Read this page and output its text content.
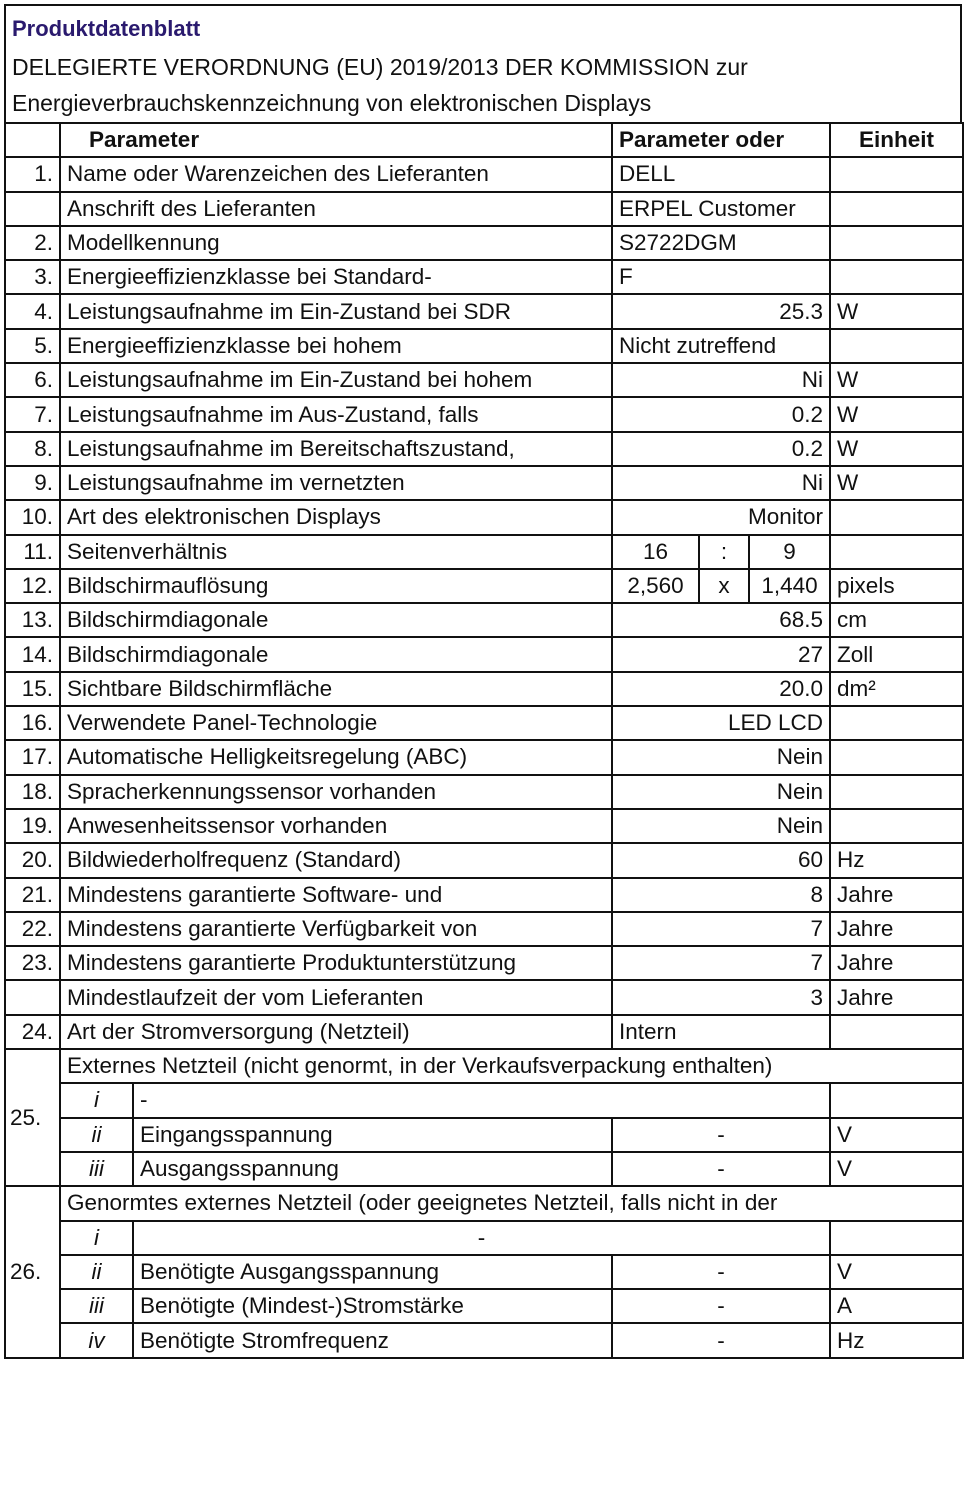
Produktdatenblatt
DELEGIERTE VERORDNUNG (EU) 2019/2013 DER KOMMISSION zur
Energieverbrauchskennzeichnung von elektronischen Displays
	Parameter		Parameter oder			Einheit
1.	Name oder Warenzeichen des Lieferanten		DELL			
	Anschrift des Lieferanten		ERPEL Customer			
2.	Modellkennung		S2722DGM			
3.	Energieeffizienzklasse bei Standard-		F			
4.	Leistungsaufnahme im Ein-Zustand bei SDR		25.3			W
5.	Energieeffizienzklasse bei hohem		Nicht zutreffend			
6.	Leistungsaufnahme im Ein-Zustand bei hohem		Ni			W
7.	Leistungsaufnahme im Aus-Zustand, falls		0.2			W
8.	Leistungsaufnahme im Bereitschaftszustand,		0.2			W
9.	Leistungsaufnahme im vernetzten		Ni			W
10.	Art des elektronischen Displays		Monitor			
11.	Seitenverhältnis		16	:	9	
12.	Bildschirmauflösung		2,560	x	1,440	pixels
13.	Bildschirmdiagonale		68.5			cm
14.	Bildschirmdiagonale		27			Zoll
15.	Sichtbare Bildschirmfläche		20.0			dm²
16.	Verwendete Panel-Technologie		LED LCD			
17.	Automatische Helligkeitsregelung (ABC)		Nein			
18.	Spracherkennungssensor vorhanden		Nein			
19.	Anwesenheitssensor vorhanden		Nein			
20.	Bildwiederholfrequenz (Standard)		60			Hz
21.	Mindestens garantierte Software- und		8			Jahre
22.	Mindestens garantierte Verfügbarkeit von		7			Jahre
23.	Mindestens garantierte Produktunterstützung		7			Jahre
	Mindestlaufzeit der vom Lieferanten		3			Jahre
24.	Art der Stromversorgung (Netzteil)		Intern			
25.	Externes Netzteil (nicht genormt, in der Verkaufsverpackung enthalten)					
	i	-				
	ii	Eingangsspannung	-			V
	iii	Ausgangsspannung	-			V
26.	Genormtes externes Netzteil (oder geeignetes Netzteil, falls nicht in der					
	i	-				
	ii	Benötigte Ausgangsspannung	-			V
	iii	Benötigte (Mindest-)Stromstärke	-			A
	iv	Benötigte Stromfrequenz	-			Hz
